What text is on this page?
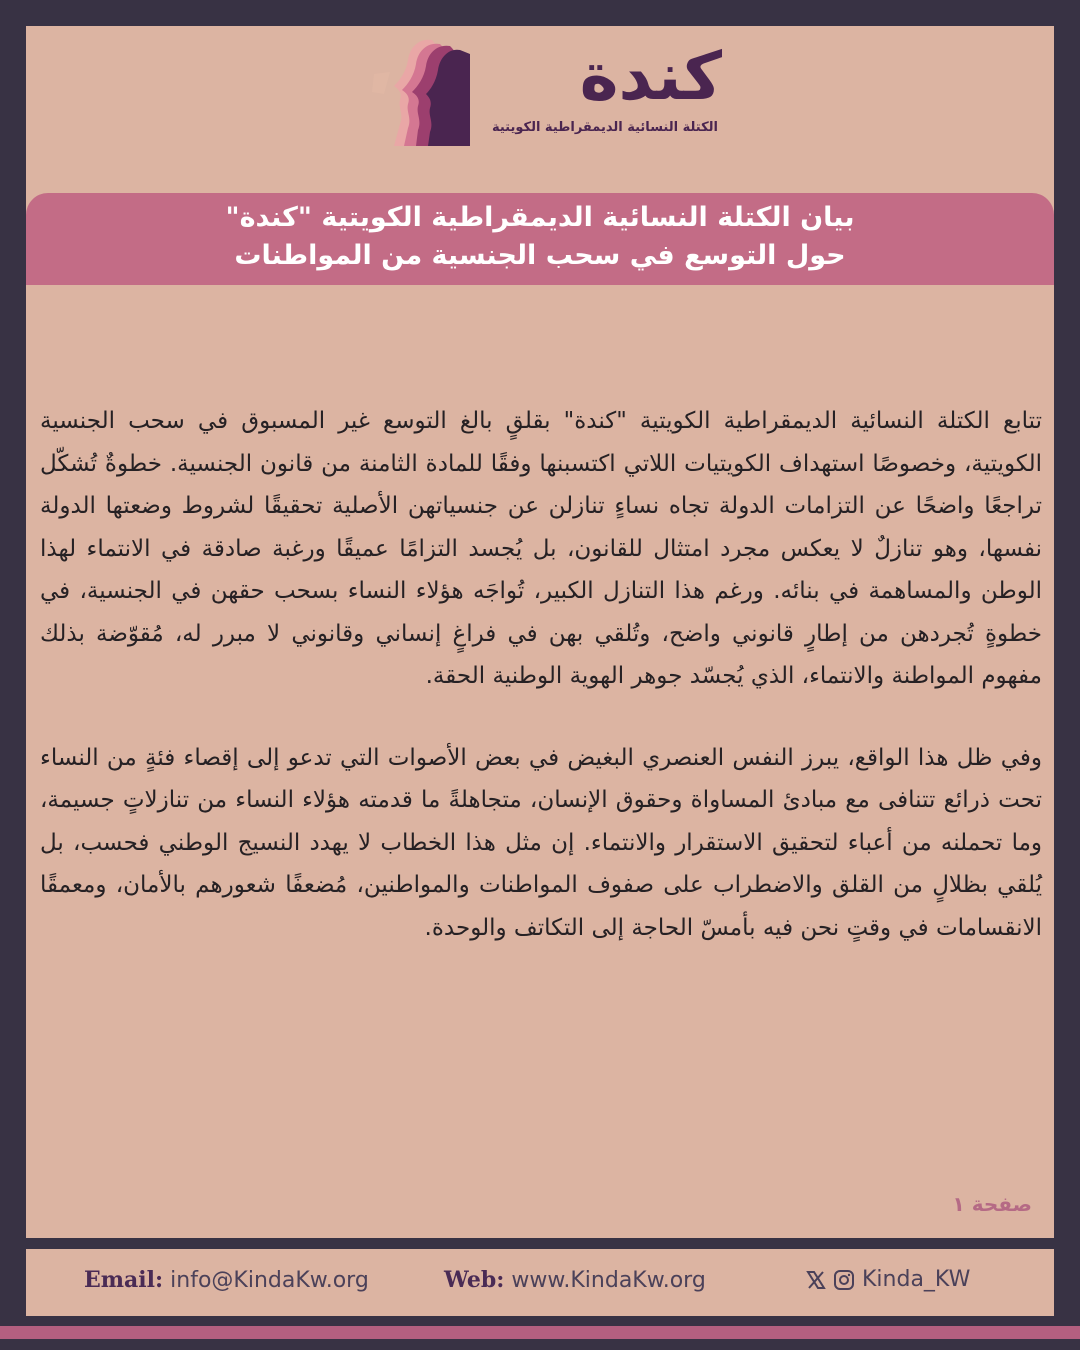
كندة
الكتلة النسائية الديمقراطية الكويتية
بيان الكتلة النسائية الديمقراطية الكويتية "كندة"
حول التوسع في سحب الجنسية من المواطنات

تتابع الكتلة النسائية الديمقراطية الكويتية "كندة" بقلقٍ بالغ التوسع غير المسبوق في سحب الجنسية الكويتية، وخصوصًا استهداف الكويتيات اللاتي اكتسبنها وفقًا للمادة الثامنة من قانون الجنسية. خطوةٌ تُشكّل تراجعًا واضحًا عن التزامات الدولة تجاه نساءٍ تنازلن عن جنسياتهن الأصلية تحقيقًا لشروط وضعتها الدولة نفسها، وهو تنازلٌ لا يعكس مجرد امتثال للقانون، بل يُجسد التزامًا عميقًا ورغبة صادقة في الانتماء لهذا الوطن والمساهمة في بنائه. ورغم هذا التنازل الكبير، تُواجَه هؤلاء النساء بسحب حقهن في الجنسية، في خطوةٍ تُجردهن من إطارٍ قانوني واضح، وتُلقي بهن في فراغٍ إنساني وقانوني لا مبرر له، مُقوّضة بذلك مفهوم المواطنة والانتماء، الذي يُجسّد جوهر الهوية الوطنية الحقة.

وفي ظل هذا الواقع، يبرز النفس العنصري البغيض في بعض الأصوات التي تدعو إلى إقصاء فئةٍ من النساء تحت ذرائع تتنافى مع مبادئ المساواة وحقوق الإنسان، متجاهلةً ما قدمته هؤلاء النساء من تنازلاتٍ جسيمة، وما تحملنه من أعباء لتحقيق الاستقرار والانتماء. إن مثل هذا الخطاب لا يهدد النسيج الوطني فحسب، بل يُلقي بظلالٍ من القلق والاضطراب على صفوف المواطنات والمواطنين، مُضعفًا شعورهم بالأمان، ومعمقًا الانقسامات في وقتٍ نحن فيه بأمسّ الحاجة إلى التكاتف والوحدة.

صفحة ١
Email: info@KindaKw.org	Web: www.KindaKw.org	Kinda_KW
